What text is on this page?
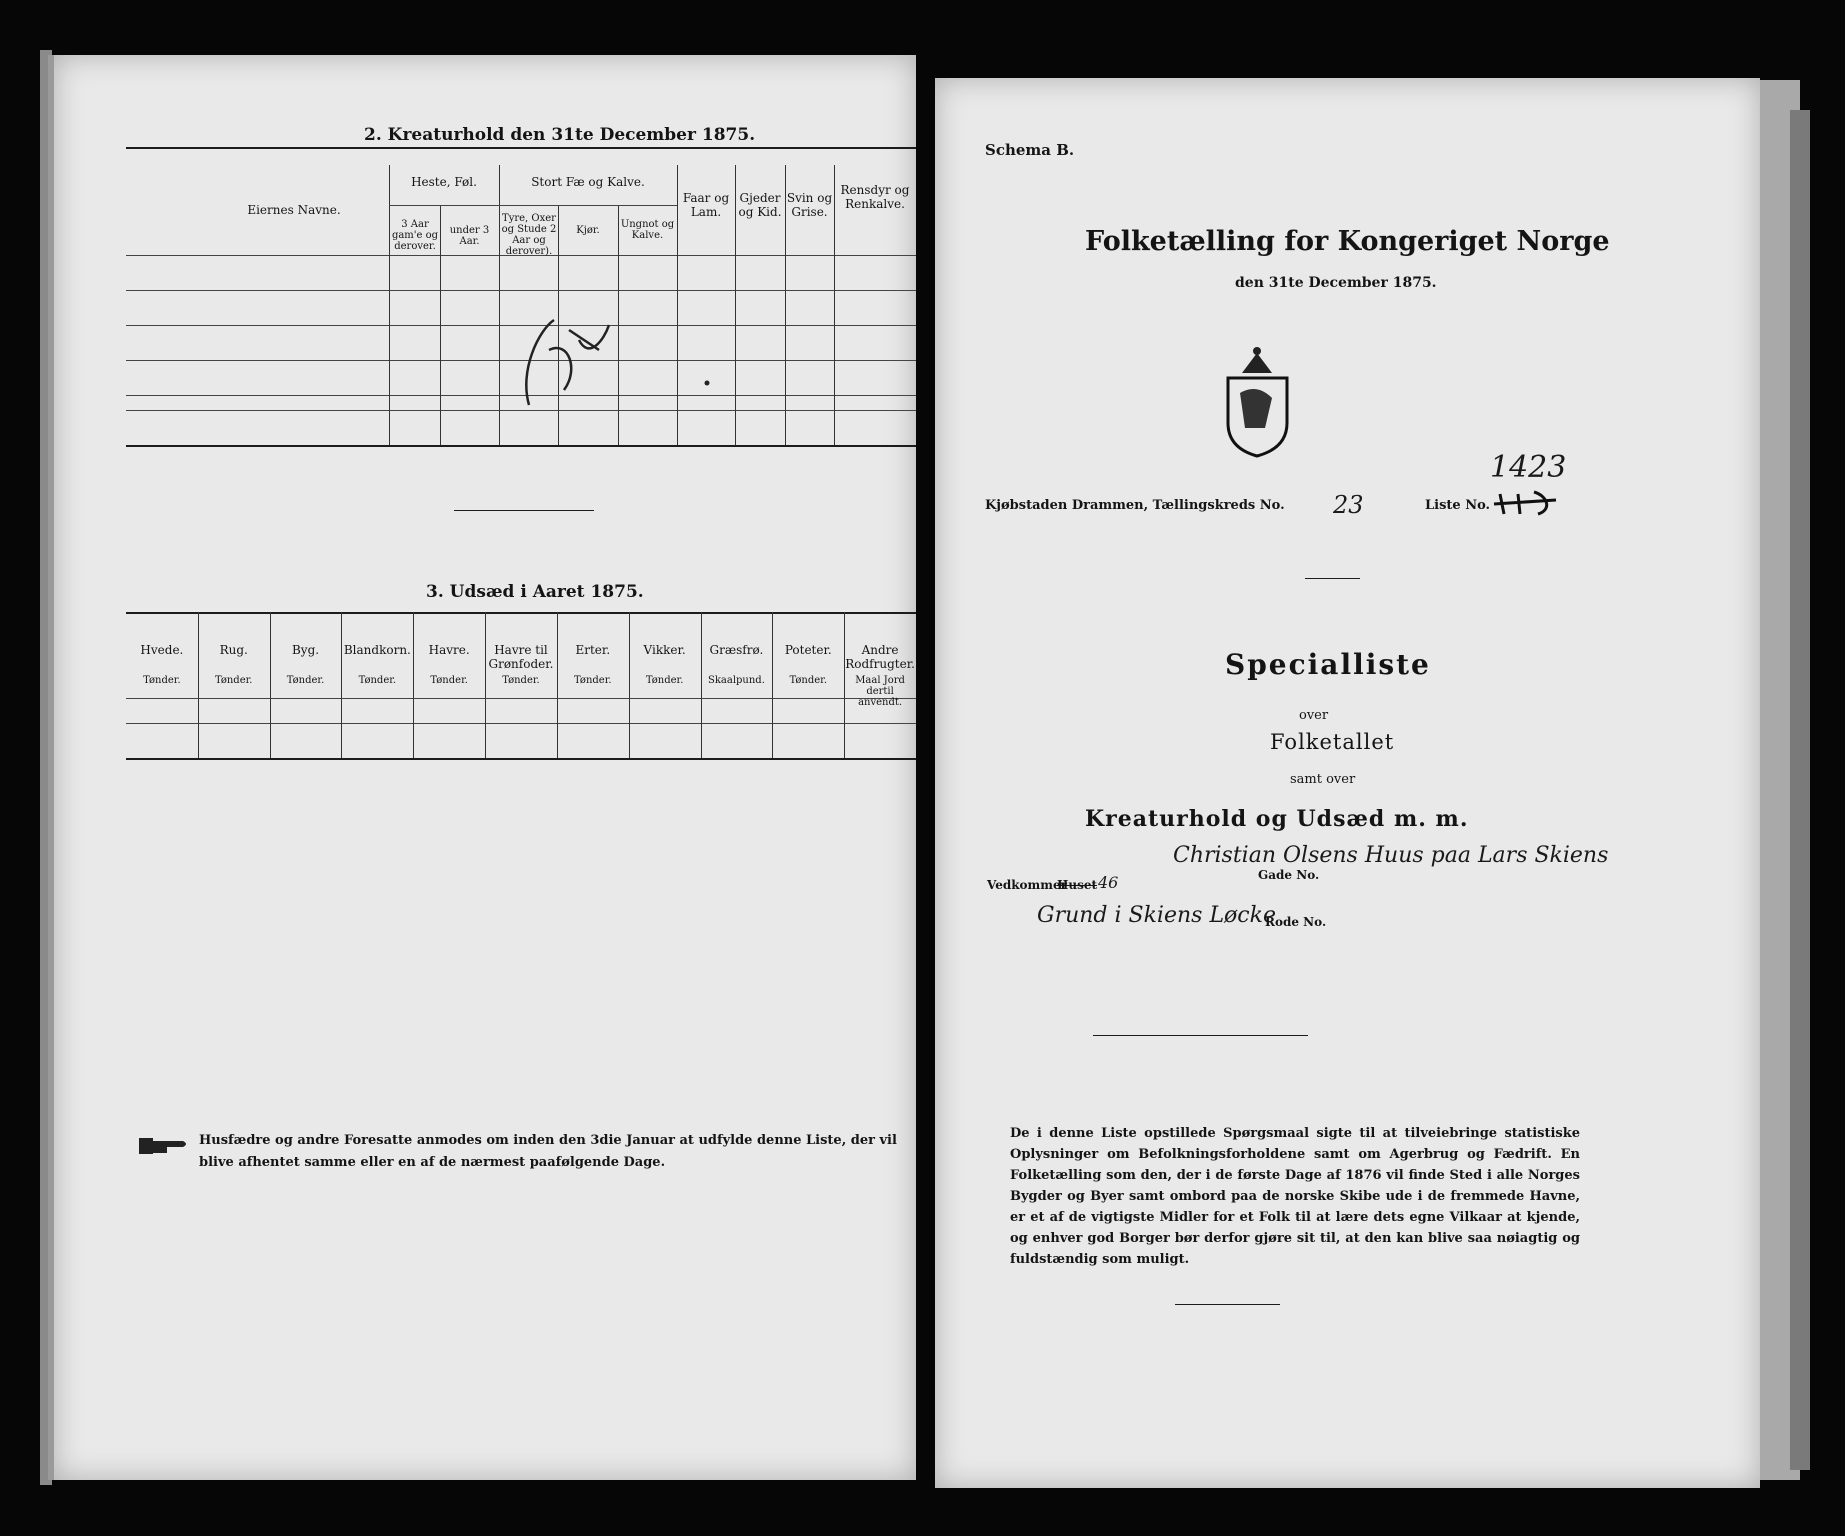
2. Kreaturhold den 31te December 1875.
Eiernes Navne.
Heste, Føl.
3 Aar gam'e og derover.
under 3 Aar.
Stort Fæ og Kalve.
Tyre, Oxer og Stude 2 Aar og derover).
Kjør.
Ungnot og Kalve.
Faar og Lam.
Gjeder og Kid.
Svin og Grise.
Rensdyr og Renkalve.
3. Udsæd i Aaret 1875.
Hvede.
Tønder.
Rug.
Tønder.
Byg.
Tønder.
Blandkorn.
Tønder.
Havre.
Tønder.
Havre til Grønfoder.
Tønder.
Erter.
Tønder.
Vikker.
Tønder.
Græsfrø.
Skaalpund.
Poteter.
Tønder.
Andre Rodfrugter.
Maal Jord dertil anvendt.
Husfædre og andre Foresatte anmodes om inden den 3die Januar at udfylde denne Liste, der vil blive afhentet samme eller en af de nærmest paafølgende Dage.
Schema B.
Folketælling for Kongeriget Norge
den 31te December 1875.
Kjøbstaden Drammen, Tællingskreds No. 23	Liste No.
1423
Specialliste
over
Folketallet
samt over
Kreaturhold og Udsæd m. m.
Christian Olsens Huus paa Lars Skiens
Vedkommer
Huset 46	Gade No.
Grund i Skiens Løcke
Rode No.
De i denne Liste opstillede Spørgsmaal sigte til at tilveiebringe statistiske Oplysninger om Befolkningsforholdene samt om Agerbrug og Fædrift. En Folketælling som den, der i de første Dage af 1876 vil finde Sted i alle Norges Bygder og Byer samt ombord paa de norske Skibe ude i de fremmede Havne, er et af de vigtigste Midler for et Folk til at lære dets egne Vilkaar at kjende, og enhver god Borger bør derfor gjøre sit til, at den kan blive saa nøiagtig og fuldstændig som muligt.
